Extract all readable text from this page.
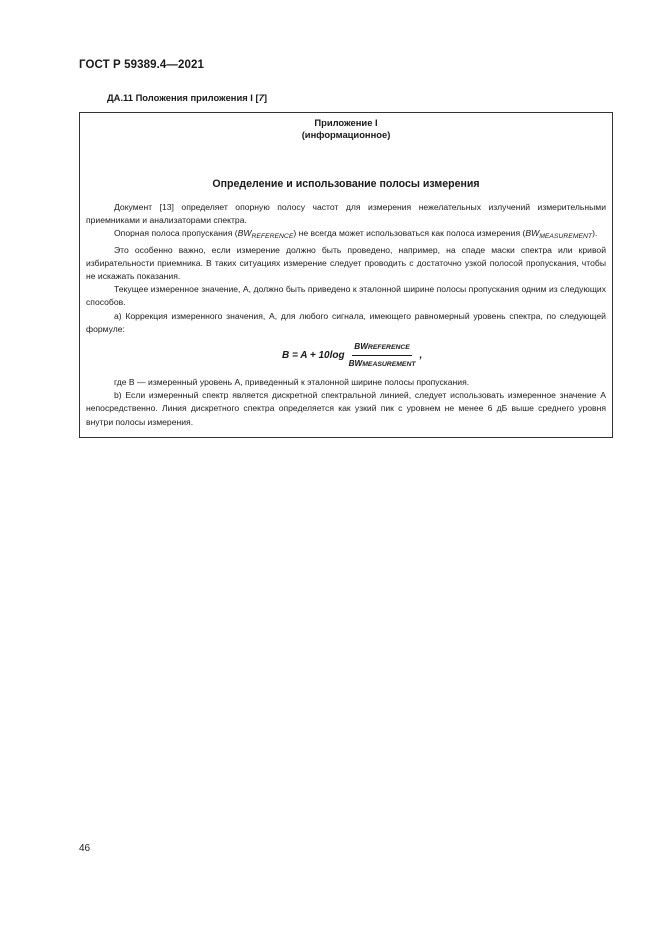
ГОСТ Р 59389.4—2021
ДА.11 Положения приложения I [7]
Приложение I
(информационное)
Определение и использование полосы измерения

Документ [13] определяет опорную полосу частот для измерения нежелательных излучений измерительными приемниками и анализаторами спектра.

Опорная полоса пропускания $(BW_{REFERENCE})$ не всегда может использоваться как полоса измерения $(BW_{MEASUREMENT})$.

Это особенно важно, если измерение должно быть проведено, например, на спаде маски спектра или кривой избирательности приемника. В таких ситуациях измерение следует проводить с достаточно узкой полосой пропускания, чтобы не искажать показания.

Текущее измеренное значение, А, должно быть приведено к эталонной ширине полосы пропускания одним из следующих способов.

а) Коррекция измеренного значения, А, для любого сигнала, имеющего равномерный уровень спектра, по следующей формуле:

$B = A + 10\log \frac{\text{BWREFERENCE}}{\text{BWMEASUREMENT}}$ ,

где В — измеренный уровень А, приведенный к эталонной ширине полосы пропускания.

b) Если измеренный спектр является дискретной спектральной линией, следует использовать измеренное значение А непосредственно. Линия дискретного спектра определяется как узкий пик с уровнем не менее 6 дБ выше среднего уровня внутри полосы измерения.

46
